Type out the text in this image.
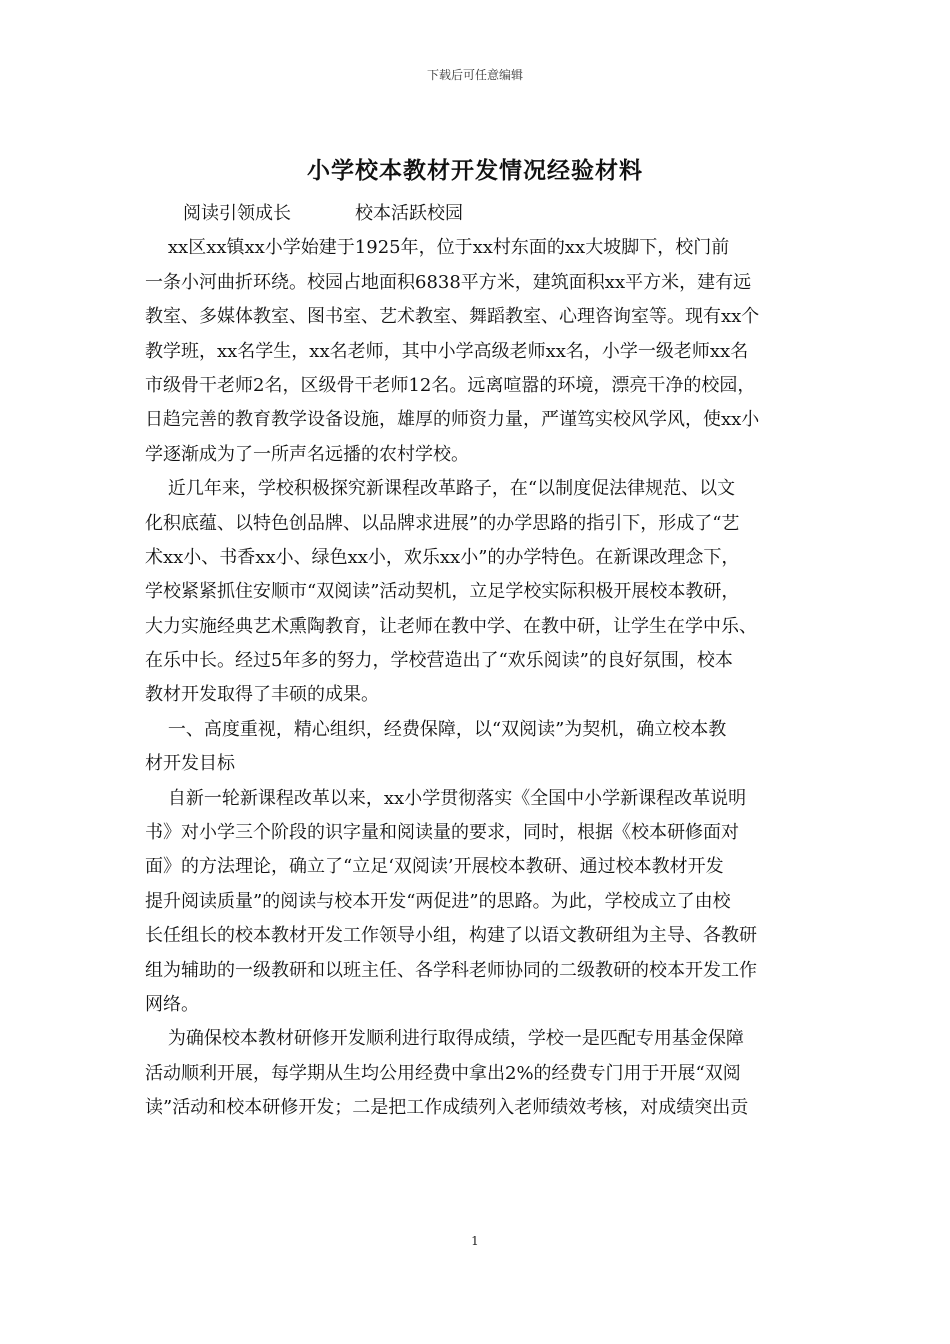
下载后可任意编辑
小学校本教材开发情况经验材料
阅读引领成长	校本活跃校园
xx区xx镇xx小学始建于1925年，位于xx村东面的xx大坡脚下，校门前
一条小河曲折环绕。校园占地面积6838平方米，建筑面积xx平方米，建有远
教室、多媒体教室、图书室、艺术教室、舞蹈教室、心理咨询室等。现有xx个
教学班，xx名学生，xx名老师，其中小学高级老师xx名，小学一级老师xx名
市级骨干老师2名，区级骨干老师12名。远离喧嚣的环境，漂亮干净的校园，
日趋完善的教育教学设备设施，雄厚的师资力量，严谨笃实校风学风，使xx小
学逐渐成为了一所声名远播的农村学校。
近几年来，学校积极探究新课程改革路子，在“以制度促法律规范、以文
化积底蕴、以特色创品牌、以品牌求进展”的办学思路的指引下，形成了“艺
术xx小、书香xx小、绿色xx小，欢乐xx小”的办学特色。在新课改理念下，
学校紧紧抓住安顺市“双阅读”活动契机，立足学校实际积极开展校本教研，
大力实施经典艺术熏陶教育，让老师在教中学、在教中研，让学生在学中乐、
在乐中长。经过5年多的努力，学校营造出了“欢乐阅读”的良好氛围，校本
教材开发取得了丰硕的成果。
一、高度重视，精心组织，经费保障，以“双阅读”为契机，确立校本教
材开发目标
自新一轮新课程改革以来，xx小学贯彻落实《全国中小学新课程改革说明
书》对小学三个阶段的识字量和阅读量的要求，同时，根据《校本研修面对
面》的方法理论，确立了“立足‘双阅读’开展校本教研、通过校本教材开发
提升阅读质量”的阅读与校本开发“两促进”的思路。为此，学校成立了由校
长任组长的校本教材开发工作领导小组，构建了以语文教研组为主导、各教研
组为辅助的一级教研和以班主任、各学科老师协同的二级教研的校本开发工作
网络。
为确保校本教材研修开发顺利进行取得成绩，学校一是匹配专用基金保障
活动顺利开展，每学期从生均公用经费中拿出2%的经费专门用于开展“双阅
读”活动和校本研修开发；二是把工作成绩列入老师绩效考核，对成绩突出贡
1
